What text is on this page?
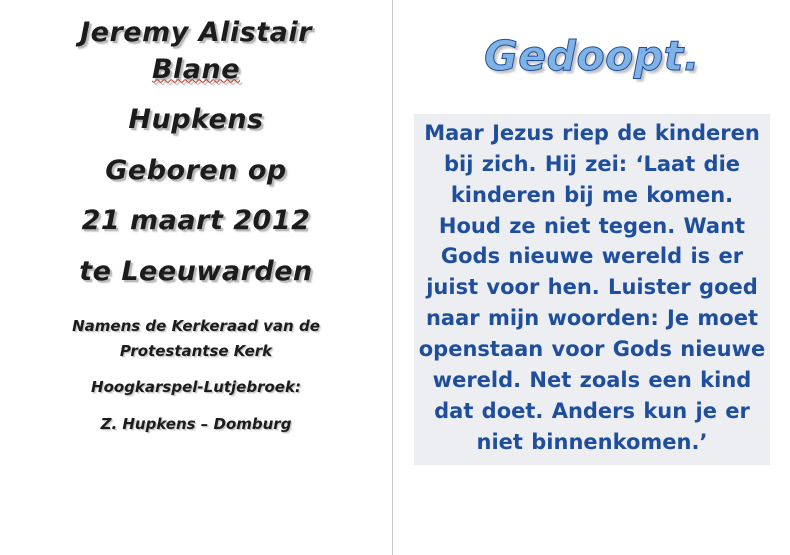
Jeremy Alistair

Blane

Hupkens

Geboren op

21 maart 2012

te Leeuwarden

Namens de Kerkeraad van de

Protestantse Kerk

Hoogkarspel-Lutjebroek:

Z. Hupkens – Domburg

Gedoopt.

Maar Jezus riep de kinderen bij zich. Hij zei: ‘Laat die kinderen bij me komen. Houd ze niet tegen. Want Gods nieuwe wereld is er juist voor hen. Luister goed naar mijn woorden: Je moet openstaan voor Gods nieuwe wereld. Net zoals een kind dat doet. Anders kun je er niet binnenkomen.’
